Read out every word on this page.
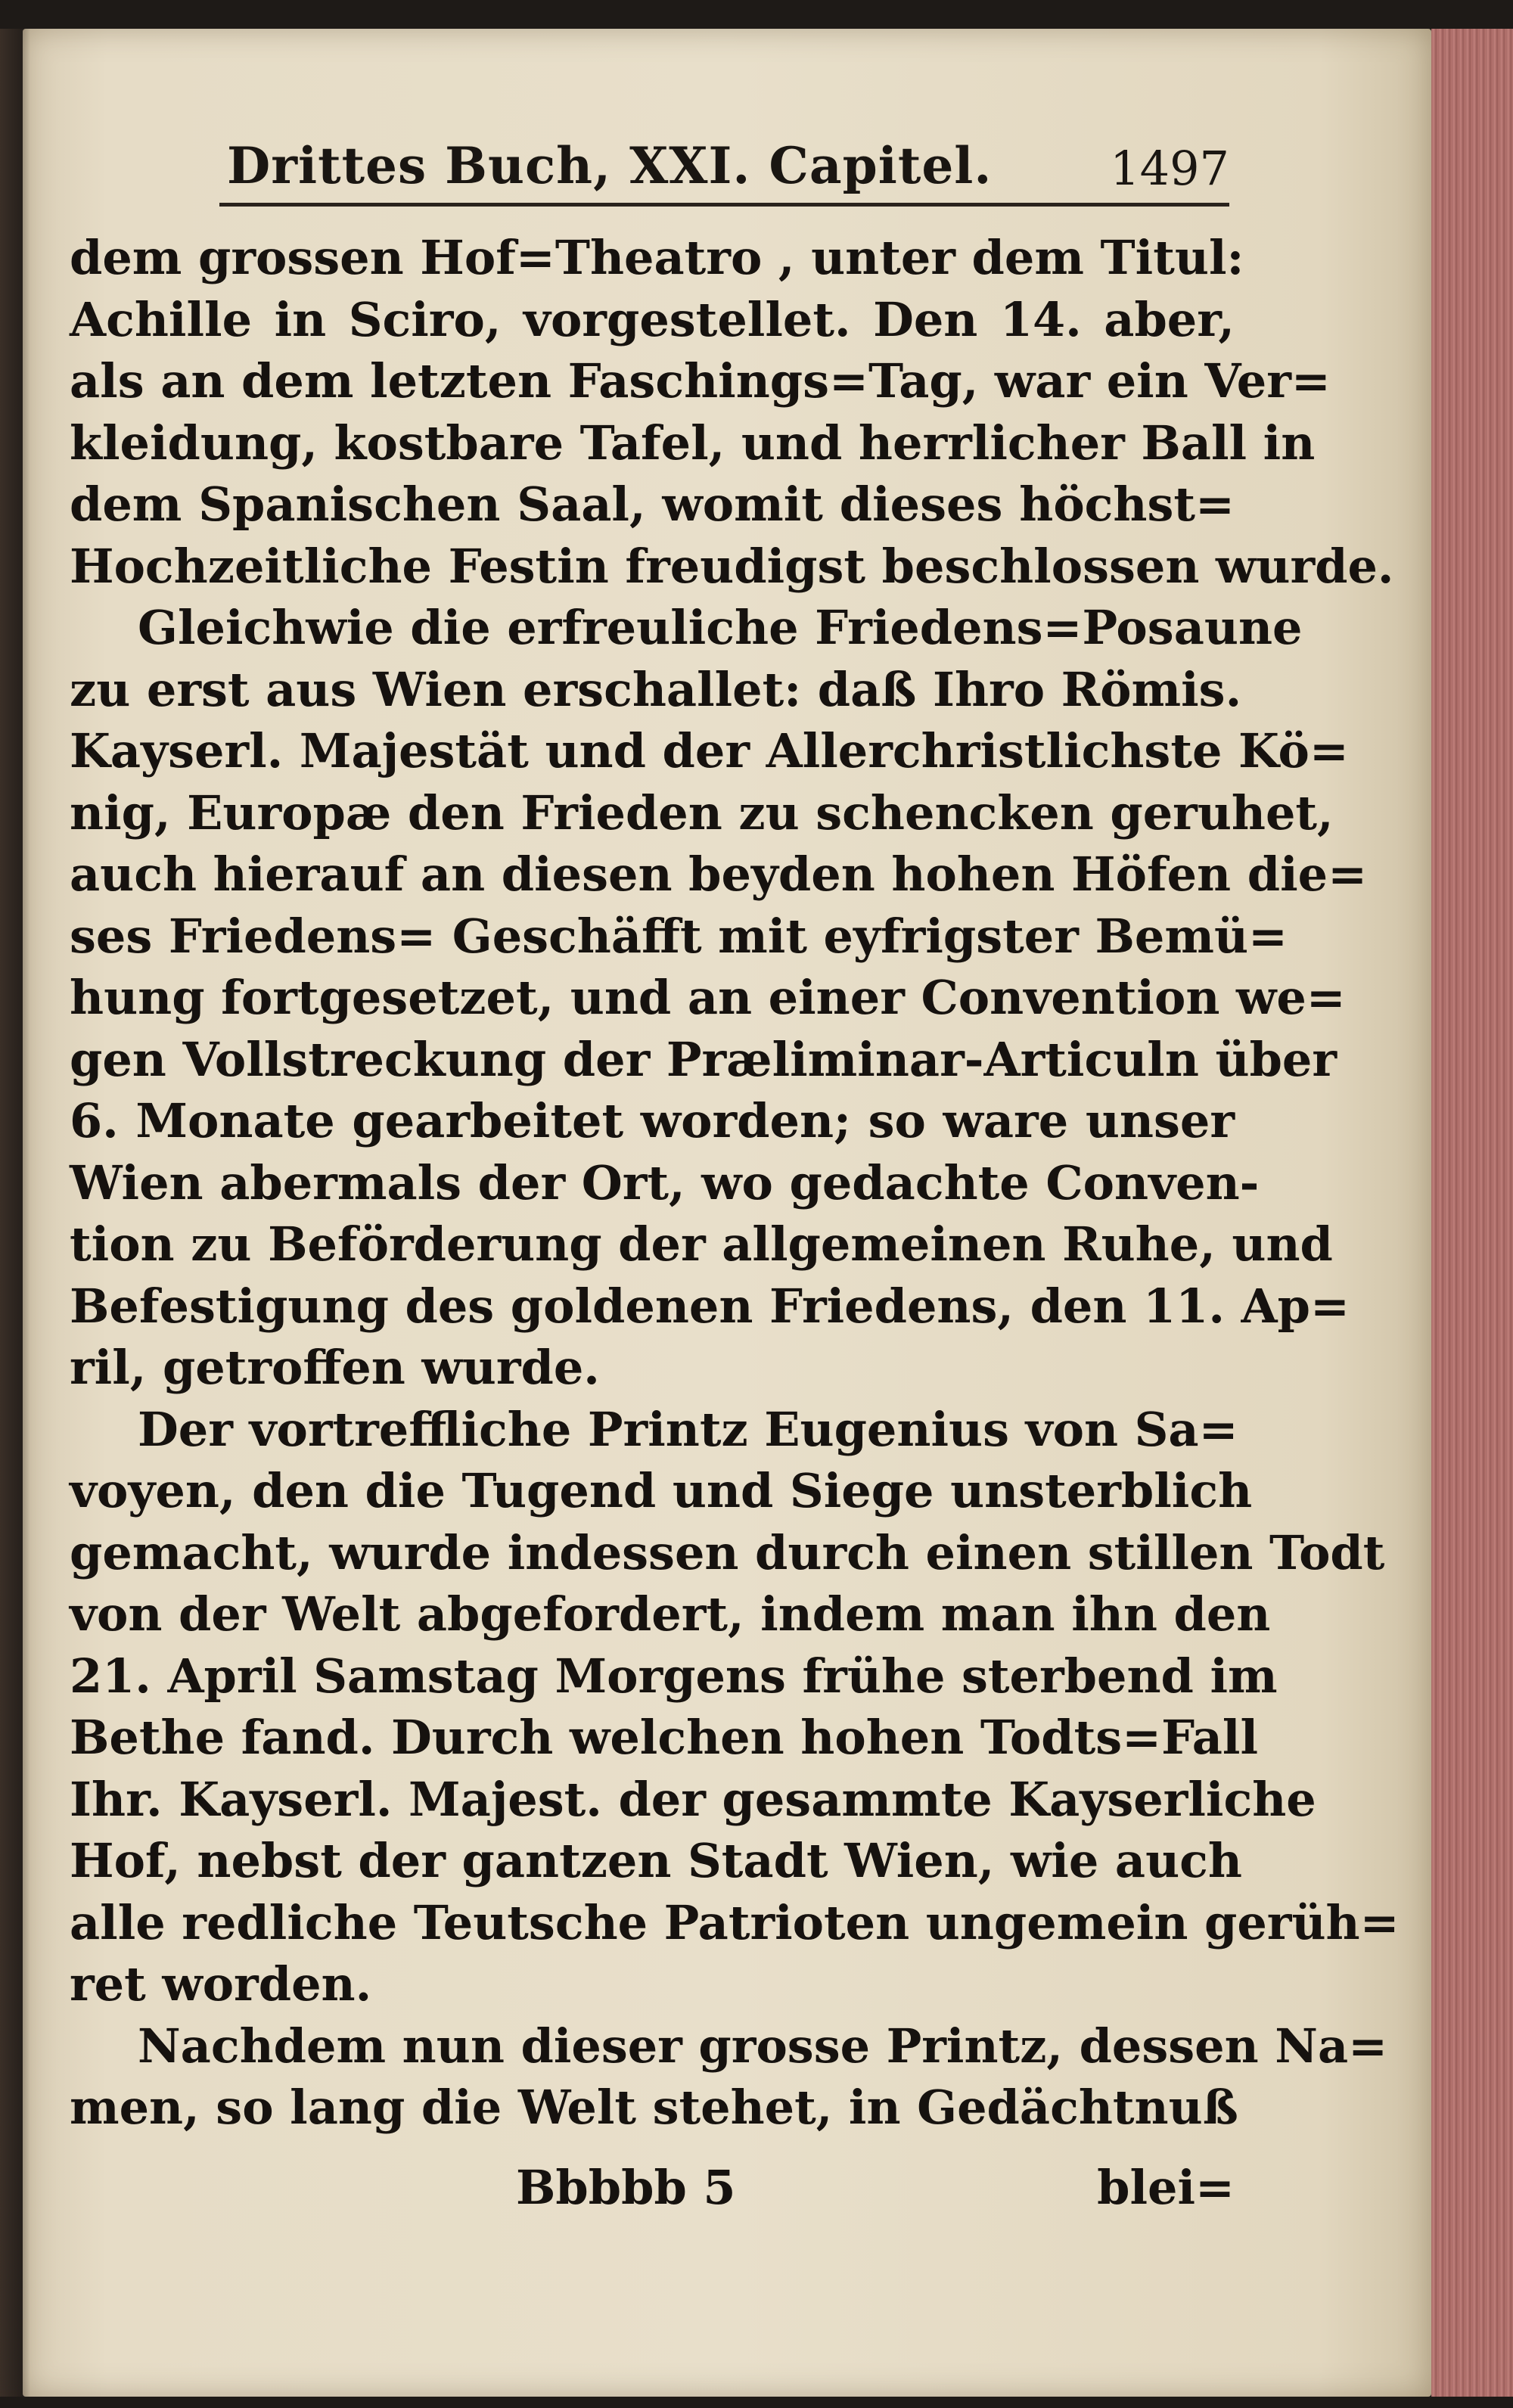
Drittes Buch, XXI. Capitel.	1497
dem grossen Hof=Theatro , unter dem Titul:
Achille in Sciro, vorgestellet. Den 14. aber,
als an dem letzten Faschings=Tag, war ein Ver=
kleidung, kostbare Tafel, und herrlicher Ball in
dem Spanischen Saal, womit dieses höchst=
Hochzeitliche Festin freudigst beschlossen wurde.
Gleichwie die erfreuliche Friedens=Posaune
zu erst aus Wien erschallet: daß Ihro Römis.
Kayserl. Majestät und der Allerchristlichste Kö=
nig, Europæ den Frieden zu schencken geruhet,
auch hierauf an diesen beyden hohen Höfen die=
ses Friedens= Geschäfft mit eyfrigster Bemü=
hung fortgesetzet, und an einer Convention we=
gen Vollstreckung der Præliminar-Articuln über
6. Monate gearbeitet worden; so ware unser
Wien abermals der Ort, wo gedachte Conven-
tion zu Beförderung der allgemeinen Ruhe, und
Befestigung des goldenen Friedens, den 11. Ap=
ril, getroffen wurde.
Der vortreffliche Printz Eugenius von Sa=
voyen, den die Tugend und Siege unsterblich
gemacht, wurde indessen durch einen stillen Todt
von der Welt abgefordert, indem man ihn den
21. April Samstag Morgens frühe sterbend im
Bethe fand. Durch welchen hohen Todts=Fall
Ihr. Kayserl. Majest. der gesammte Kayserliche
Hof, nebst der gantzen Stadt Wien, wie auch
alle redliche Teutsche Patrioten ungemein gerüh=
ret worden.
Nachdem nun dieser grosse Printz, dessen Na=
men, so lang die Welt stehet, in Gedächtnuß
Bbbbb 5	blei=
